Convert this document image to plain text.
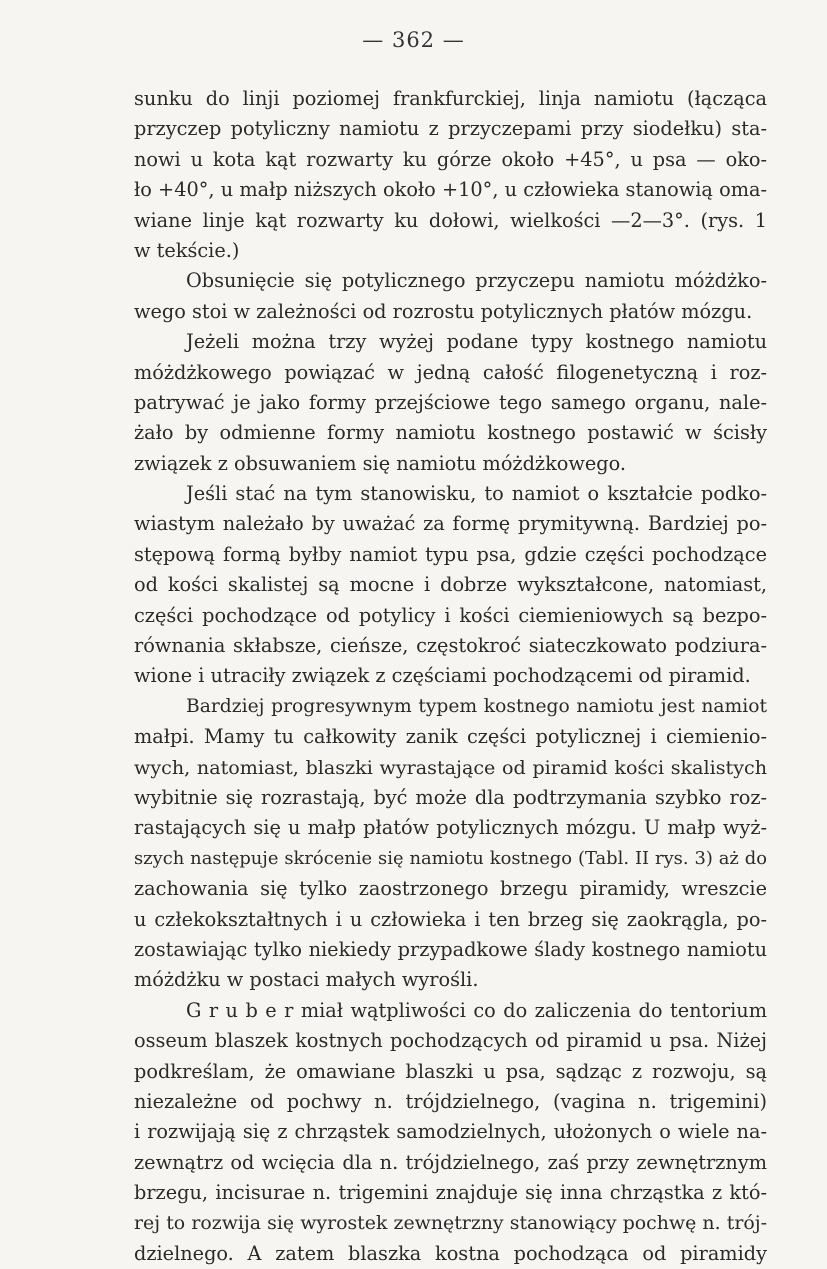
— 362 —
sunku do linji poziomej frankfurckiej, linja namiotu (łącząca
przyczep potyliczny namiotu z przyczepami przy siodełku) sta-
nowi u kota kąt rozwarty ku górze około +45°, u psa — oko-
ło +40°, u małp niższych około +10°, u człowieka stanowią oma-
wiane linje kąt rozwarty ku dołowi, wielkości —2—3°. (rys. 1
w tekście.)
Obsunięcie się potylicznego przyczepu namiotu móżdżko-
wego stoi w zależności od rozrostu potylicznych płatów mózgu.
Jeżeli można trzy wyżej podane typy kostnego namiotu
móżdżkowego powiązać w jedną całość filogenetyczną i roz-
patrywać je jako formy przejściowe tego samego organu, nale-
żało by odmienne formy namiotu kostnego postawić w ścisły
związek z obsuwaniem się namiotu móżdżkowego.
Jeśli stać na tym stanowisku, to namiot o kształcie podko-
wiastym należało by uważać za formę prymitywną. Bardziej po-
stępową formą byłby namiot typu psa, gdzie części pochodzące
od kości skalistej są mocne i dobrze wykształcone, natomiast,
części pochodzące od potylicy i kości ciemieniowych są bezpo-
równania skłabsze, cieńsze, częstokroć siateczkowato podziura-
wione i utraciły związek z częściami pochodzącemi od piramid.
Bardziej progresywnym typem kostnego namiotu jest namiot
małpi. Mamy tu całkowity zanik części potylicznej i ciemienio-
wych, natomiast, blaszki wyrastające od piramid kości skalistych
wybitnie się rozrastają, być może dla podtrzymania szybko roz-
rastających się u małp płatów potylicznych mózgu. U małp wyż-
szych następuje skrócenie się namiotu kostnego (Tabl. II rys. 3) aż do
zachowania się tylko zaostrzonego brzegu piramidy, wreszcie
u człekokształtnych i u człowieka i ten brzeg się zaokrągla, po-
zostawiając tylko niekiedy przypadkowe ślady kostnego namiotu
móżdżku w postaci małych wyrośli.
G r u b e r miał wątpliwości co do zaliczenia do tentorium
osseum blaszek kostnych pochodzących od piramid u psa. Niżej
podkreślam, że omawiane blaszki u psa, sądząc z rozwoju, są
niezależne od pochwy n. trójdzielnego, (vagina n. trigemini)
i rozwijają się z chrząstek samodzielnych, ułożonych o wiele na-
zewnątrz od wcięcia dla n. trójdzielnego, zaś przy zewnętrznym
brzegu, incisurae n. trigemini znajduje się inna chrząstka z któ-
rej to rozwija się wyrostek zewnętrzny stanowiący pochwę n. trój-
dzielnego. A zatem blaszka kostna pochodząca od piramidy
